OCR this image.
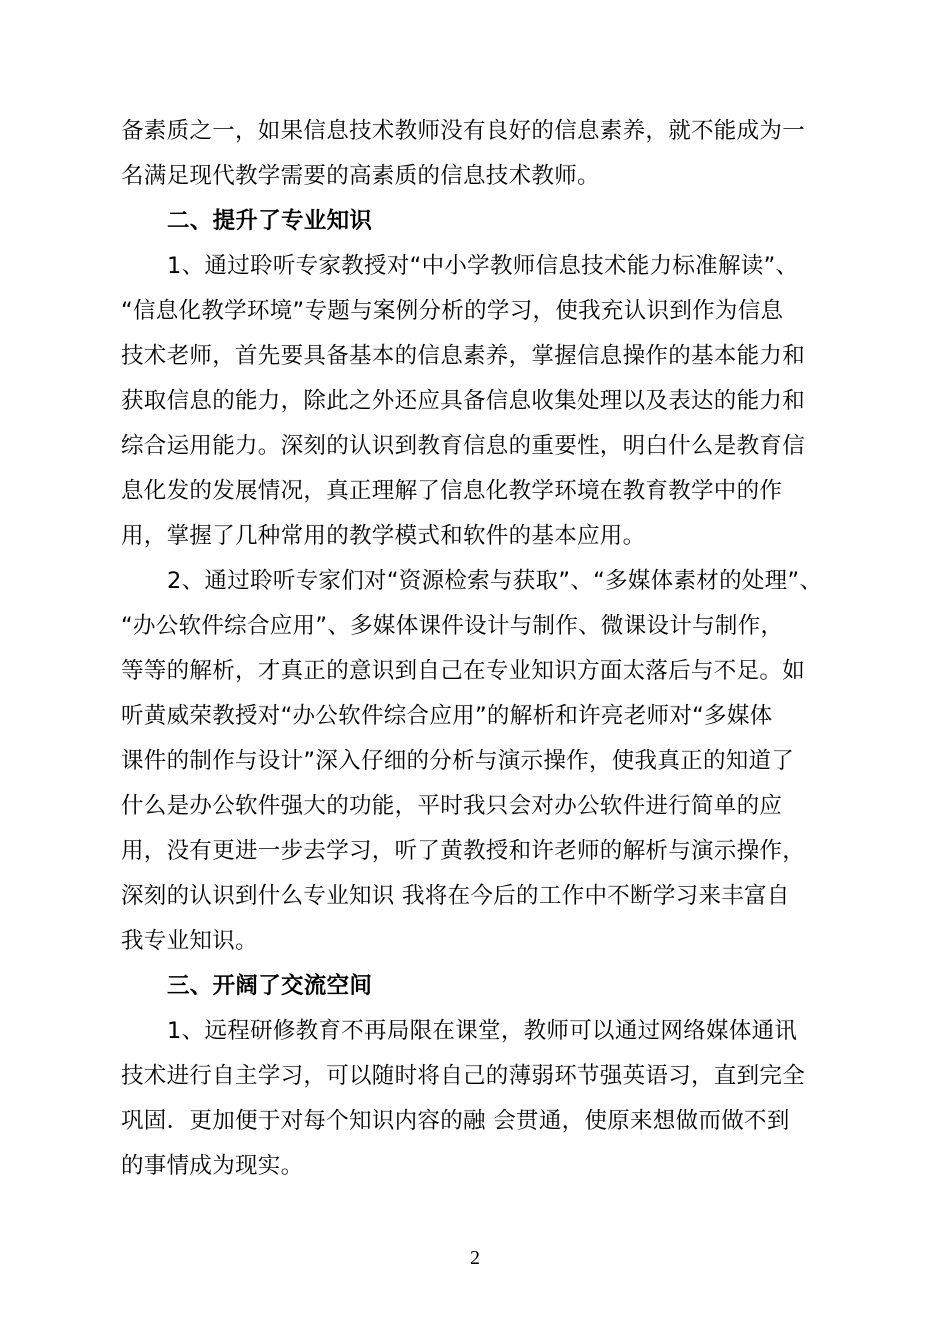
备素质之一，如果信息技术教师没有良好的信息素养，就不能成为一
名满足现代教学需要的高素质的信息技术教师。
二、提升了专业知识
1、通过聆听专家教授对“中小学教师信息技术能力标准解读”、
“信息化教学环境”专题与案例分析的学习，使我充认识到作为信息
技术老师，首先要具备基本的信息素养，掌握信息操作的基本能力和
获取信息的能力，除此之外还应具备信息收集处理以及表达的能力和
综合运用能力。深刻的认识到教育信息的重要性，明白什么是教育信
息化发的发展情况，真正理解了信息化教学环境在教育教学中的作
用，掌握了几种常用的教学模式和软件的基本应用。
2、通过聆听专家们对“资源检索与获取”、“多媒体素材的处理”、
“办公软件综合应用”、多媒体课件设计与制作、微课设计与制作，
等等的解析，才真正的意识到自己在专业知识方面太落后与不足。如
听黄威荣教授对“办公软件综合应用”的解析和许亮老师对“多媒体
课件的制作与设计”深入仔细的分析与演示操作，使我真正的知道了
什么是办公软件强大的功能，平时我只会对办公软件进行简单的应
用，没有更进一步去学习，听了黄教授和许老师的解析与演示操作，
深刻的认识到什么专业知识 我将在今后的工作中不断学习来丰富自
我专业知识。
三、开阔了交流空间
1、远程研修教育不再局限在课堂，教师可以通过网络媒体通讯
技术进行自主学习，可以随时将自己的薄弱环节强英语习，直到完全
巩固．更加便于对每个知识内容的融 会贯通，使原来想做而做不到
的事情成为现实。
2
